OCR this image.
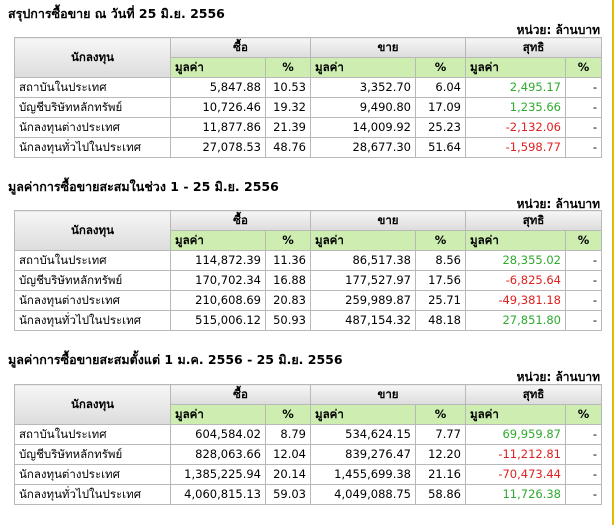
สรุปการซื้อขาย ณ วันที่ 25 มิ.ย. 2556
หน่วย: ล้านบาท
นักลงทุน	ซื้อ		ขาย		สุทธิ	
	มูลค่า	%	มูลค่า	%	มูลค่า	%
สถาบันในประเทศ	5,847.88	10.53	3,352.70	6.04	2,495.17	-
บัญชีบริษัทหลักทรัพย์	10,726.46	19.32	9,490.80	17.09	1,235.66	-
นักลงทุนต่างประเทศ	11,877.86	21.39	14,009.92	25.23	-2,132.06	-
นักลงทุนทั่วไปในประเทศ	27,078.53	48.76	28,677.30	51.64	-1,598.77	-
มูลค่าการซื้อขายสะสมในช่วง 1 - 25 มิ.ย. 2556
หน่วย: ล้านบาท
นักลงทุน	ซื้อ		ขาย		สุทธิ	
	มูลค่า	%	มูลค่า	%	มูลค่า	%
สถาบันในประเทศ	114,872.39	11.36	86,517.38	8.56	28,355.02	-
บัญชีบริษัทหลักทรัพย์	170,702.34	16.88	177,527.97	17.56	-6,825.64	-
นักลงทุนต่างประเทศ	210,608.69	20.83	259,989.87	25.71	-49,381.18	-
นักลงทุนทั่วไปในประเทศ	515,006.12	50.93	487,154.32	48.18	27,851.80	-
มูลค่าการซื้อขายสะสมตั้งแต่ 1 ม.ค. 2556 - 25 มิ.ย. 2556
หน่วย: ล้านบาท
นักลงทุน	ซื้อ		ขาย		สุทธิ	
	มูลค่า	%	มูลค่า	%	มูลค่า	%
สถาบันในประเทศ	604,584.02	8.79	534,624.15	7.77	69,959.87	-
บัญชีบริษัทหลักทรัพย์	828,063.66	12.04	839,276.47	12.20	-11,212.81	-
นักลงทุนต่างประเทศ	1,385,225.94	20.14	1,455,699.38	21.16	-70,473.44	-
นักลงทุนทั่วไปในประเทศ	4,060,815.13	59.03	4,049,088.75	58.86	11,726.38	-
